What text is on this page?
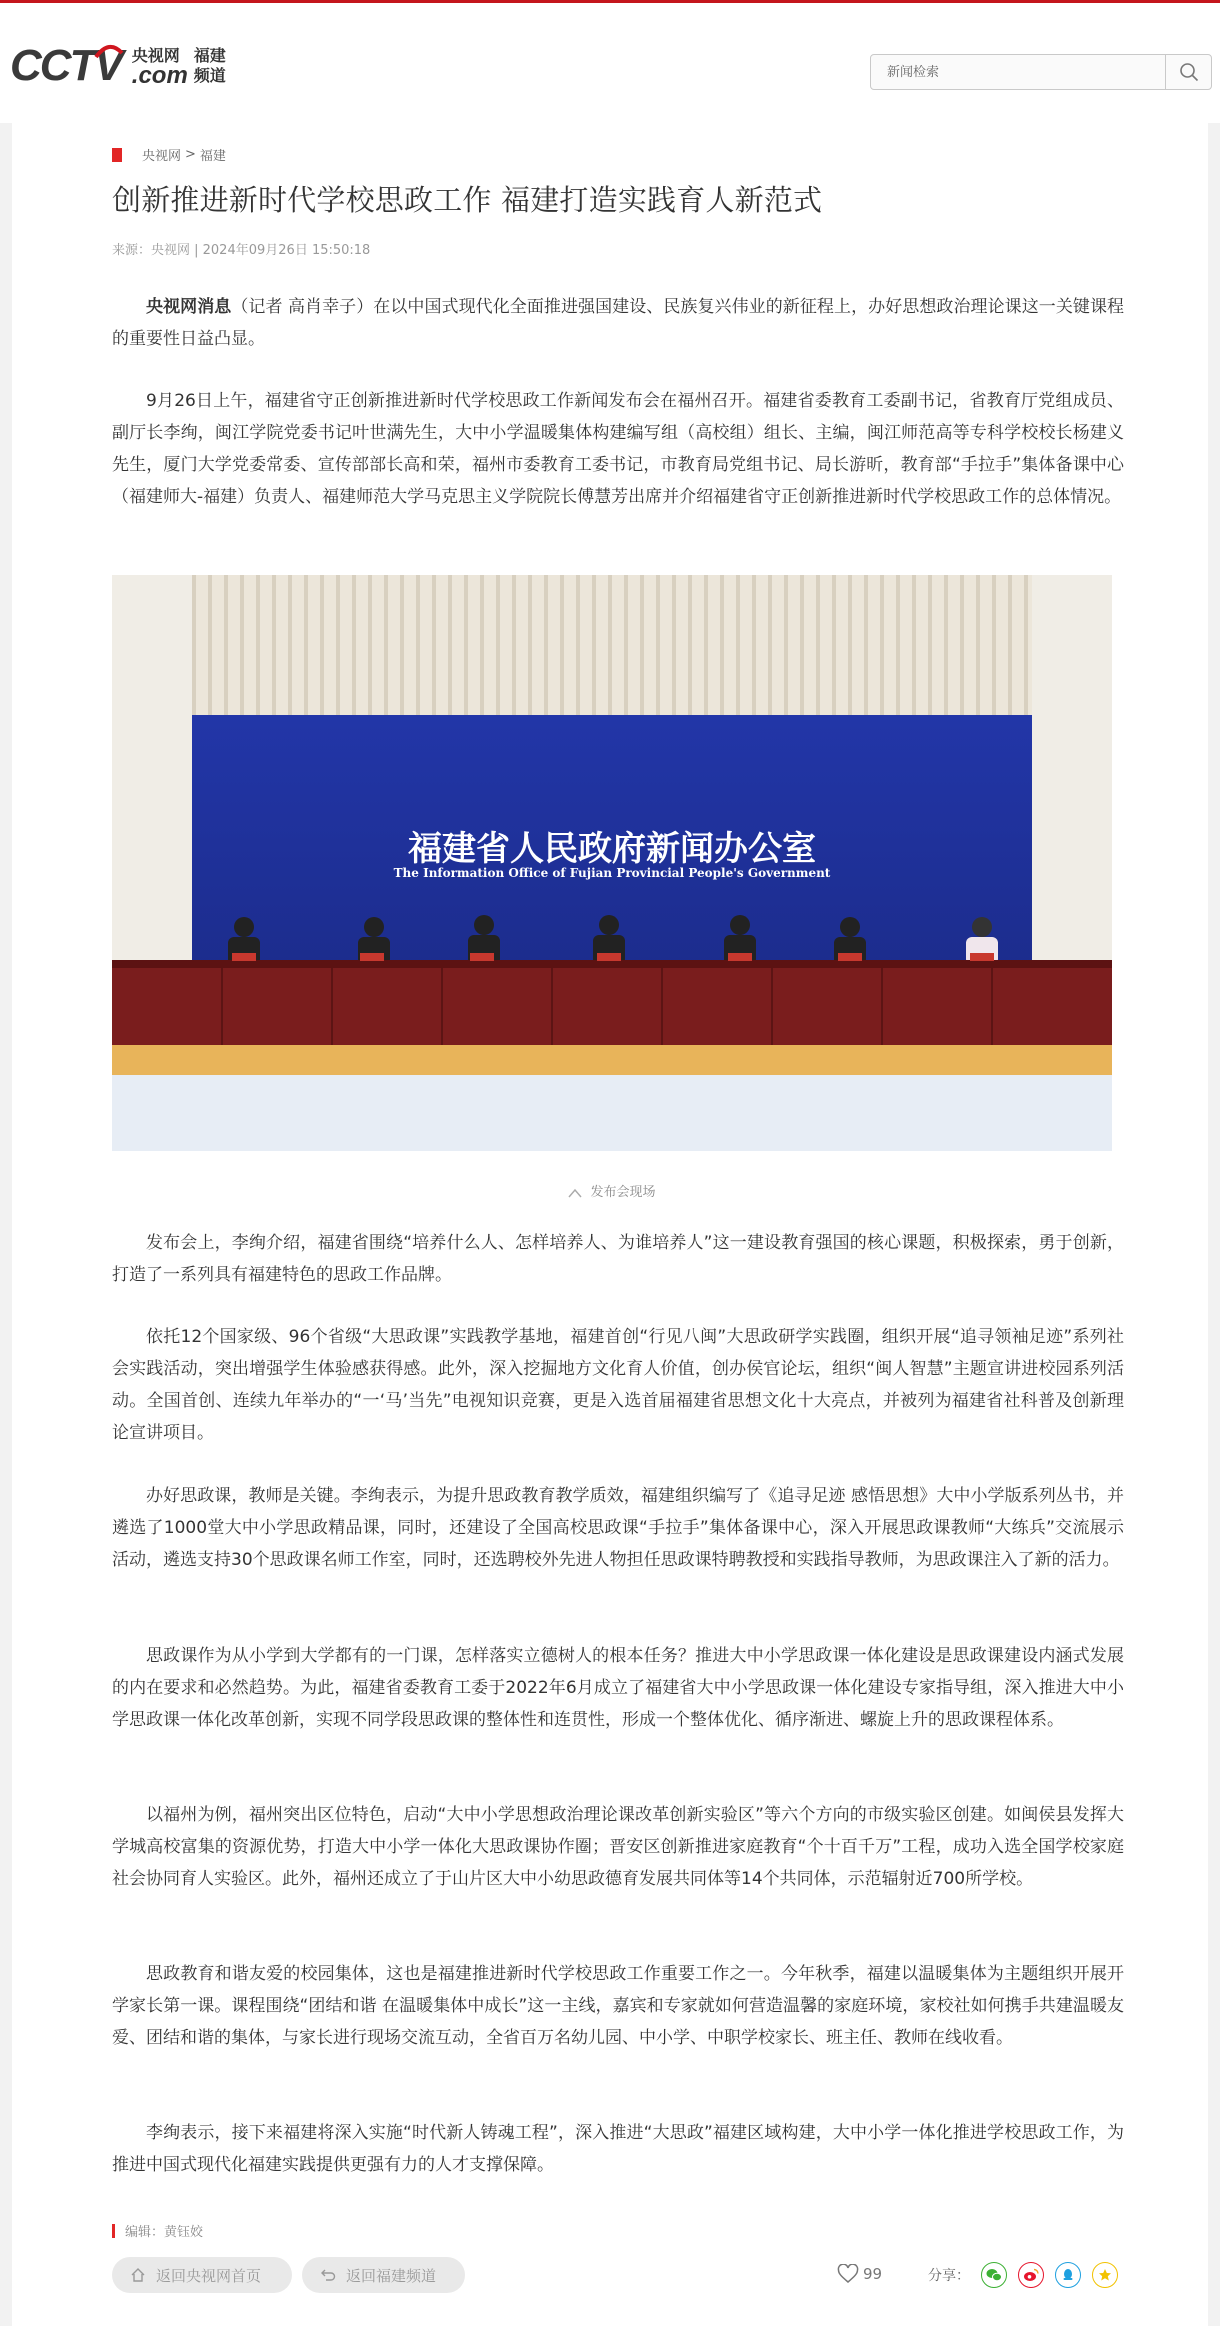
CCTV 央视网 福建
.com 频道
新闻检索
央视网 > 福建
创新推进新时代学校思政工作 福建打造实践育人新范式
来源：央视网 | 2024年09月26日 15:50:18

央视网消息（记者 高肖幸子）在以中国式现代化全面推进强国建设、民族复兴伟业的新征程上，办好思想政治理论课这一关键课程的重要性日益凸显。

9月26日上午，福建省守正创新推进新时代学校思政工作新闻发布会在福州召开。福建省委教育工委副书记，省教育厅党组成员、副厅长李绚，闽江学院党委书记叶世满先生，大中小学温暖集体构建编写组（高校组）组长、主编，闽江师范高等专科学校校长杨建义先生，厦门大学党委常委、宣传部部长高和荣，福州市委教育工委书记，市教育局党组书记、局长游昕，教育部“手拉手”集体备课中心（福建师大-福建）负责人、福建师范大学马克思主义学院院长傅慧芳出席并介绍福建省守正创新推进新时代学校思政工作的总体情况。

福建省人民政府新闻办公室
The Information Office of Fujian Provincial People's Government
发布会现场

发布会上，李绚介绍，福建省围绕“培养什么人、怎样培养人、为谁培养人”这一建设教育强国的核心课题，积极探索，勇于创新，打造了一系列具有福建特色的思政工作品牌。

依托12个国家级、96个省级“大思政课”实践教学基地，福建首创“行见八闽”大思政研学实践圈，组织开展“追寻领袖足迹”系列社会实践活动，突出增强学生体验感获得感。此外，深入挖掘地方文化育人价值，创办侯官论坛，组织“闽人智慧”主题宣讲进校园系列活动。全国首创、连续九年举办的“一‘马’当先”电视知识竞赛，更是入选首届福建省思想文化十大亮点，并被列为福建省社科普及创新理论宣讲项目。

办好思政课，教师是关键。李绚表示，为提升思政教育教学质效，福建组织编写了《追寻足迹 感悟思想》大中小学版系列丛书，并遴选了1000堂大中小学思政精品课，同时，还建设了全国高校思政课“手拉手”集体备课中心，深入开展思政课教师“大练兵”交流展示活动，遴选支持30个思政课名师工作室，同时，还选聘校外先进人物担任思政课特聘教授和实践指导教师，为思政课注入了新的活力。

思政课作为从小学到大学都有的一门课，怎样落实立德树人的根本任务？推进大中小学思政课一体化建设是思政课建设内涵式发展的内在要求和必然趋势。为此，福建省委教育工委于2022年6月成立了福建省大中小学思政课一体化建设专家指导组，深入推进大中小学思政课一体化改革创新，实现不同学段思政课的整体性和连贯性，形成一个整体优化、循序渐进、螺旋上升的思政课程体系。

以福州为例，福州突出区位特色，启动“大中小学思想政治理论课改革创新实验区”等六个方向的市级实验区创建。如闽侯县发挥大学城高校富集的资源优势，打造大中小学一体化大思政课协作圈；晋安区创新推进家庭教育“个十百千万”工程，成功入选全国学校家庭社会协同育人实验区。此外，福州还成立了于山片区大中小幼思政德育发展共同体等14个共同体，示范辐射近700所学校。

思政教育和谐友爱的校园集体，这也是福建推进新时代学校思政工作重要工作之一。今年秋季，福建以温暖集体为主题组织开展开学家长第一课。课程围绕“团结和谐 在温暖集体中成长”这一主线，嘉宾和专家就如何营造温馨的家庭环境，家校社如何携手共建温暖友爱、团结和谐的集体，与家长进行现场交流互动，全省百万名幼儿园、中小学、中职学校家长、班主任、教师在线收看。

李绚表示，接下来福建将深入实施“时代新人铸魂工程”，深入推进“大思政”福建区域构建，大中小学一体化推进学校思政工作，为推进中国式现代化福建实践提供更强有力的人才支撑保障。

编辑：黄钰姣
返回央视网首页	返回福建频道	99	分享：
